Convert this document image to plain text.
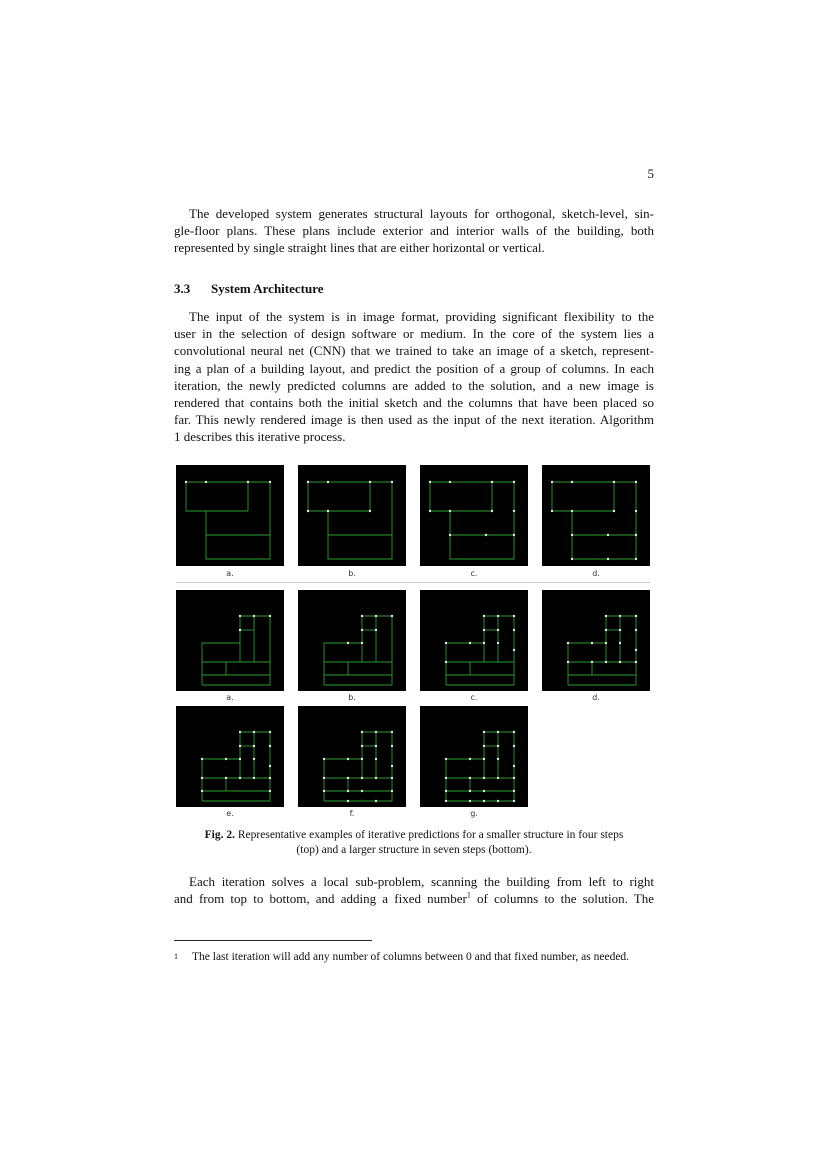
5

The developed system generates structural layouts for orthogonal, sketch-level, sin-
gle-floor plans. These plans include exterior and interior walls of the building, both
represented by single straight lines that are either horizontal or vertical.

3.3 System Architecture

The input of the system is in image format, providing significant flexibility to the
user in the selection of design software or medium. In the core of the system lies a
convolutional neural net (CNN) that we trained to take an image of a sketch, represent-
ing a plan of a building layout, and predict the position of a group of columns. In each
iteration, the newly predicted columns are added to the solution, and a new image is
rendered that contains both the initial sketch and the columns that have been placed so
far. This newly rendered image is then used as the input of the next iteration. Algorithm
1 describes this iterative process.

a.	b.	c.	d.
a.	b.	c.	d.
e.	f.	g.

Fig. 2. Representative examples of iterative predictions for a smaller structure in four steps
(top) and a larger structure in seven steps (bottom).

Each iteration solves a local sub-problem, scanning the building from left to right
and from top to bottom, and adding a fixed number$^1$ of columns to the solution. The

1 The last iteration will add any number of columns between 0 and that fixed number, as needed.
